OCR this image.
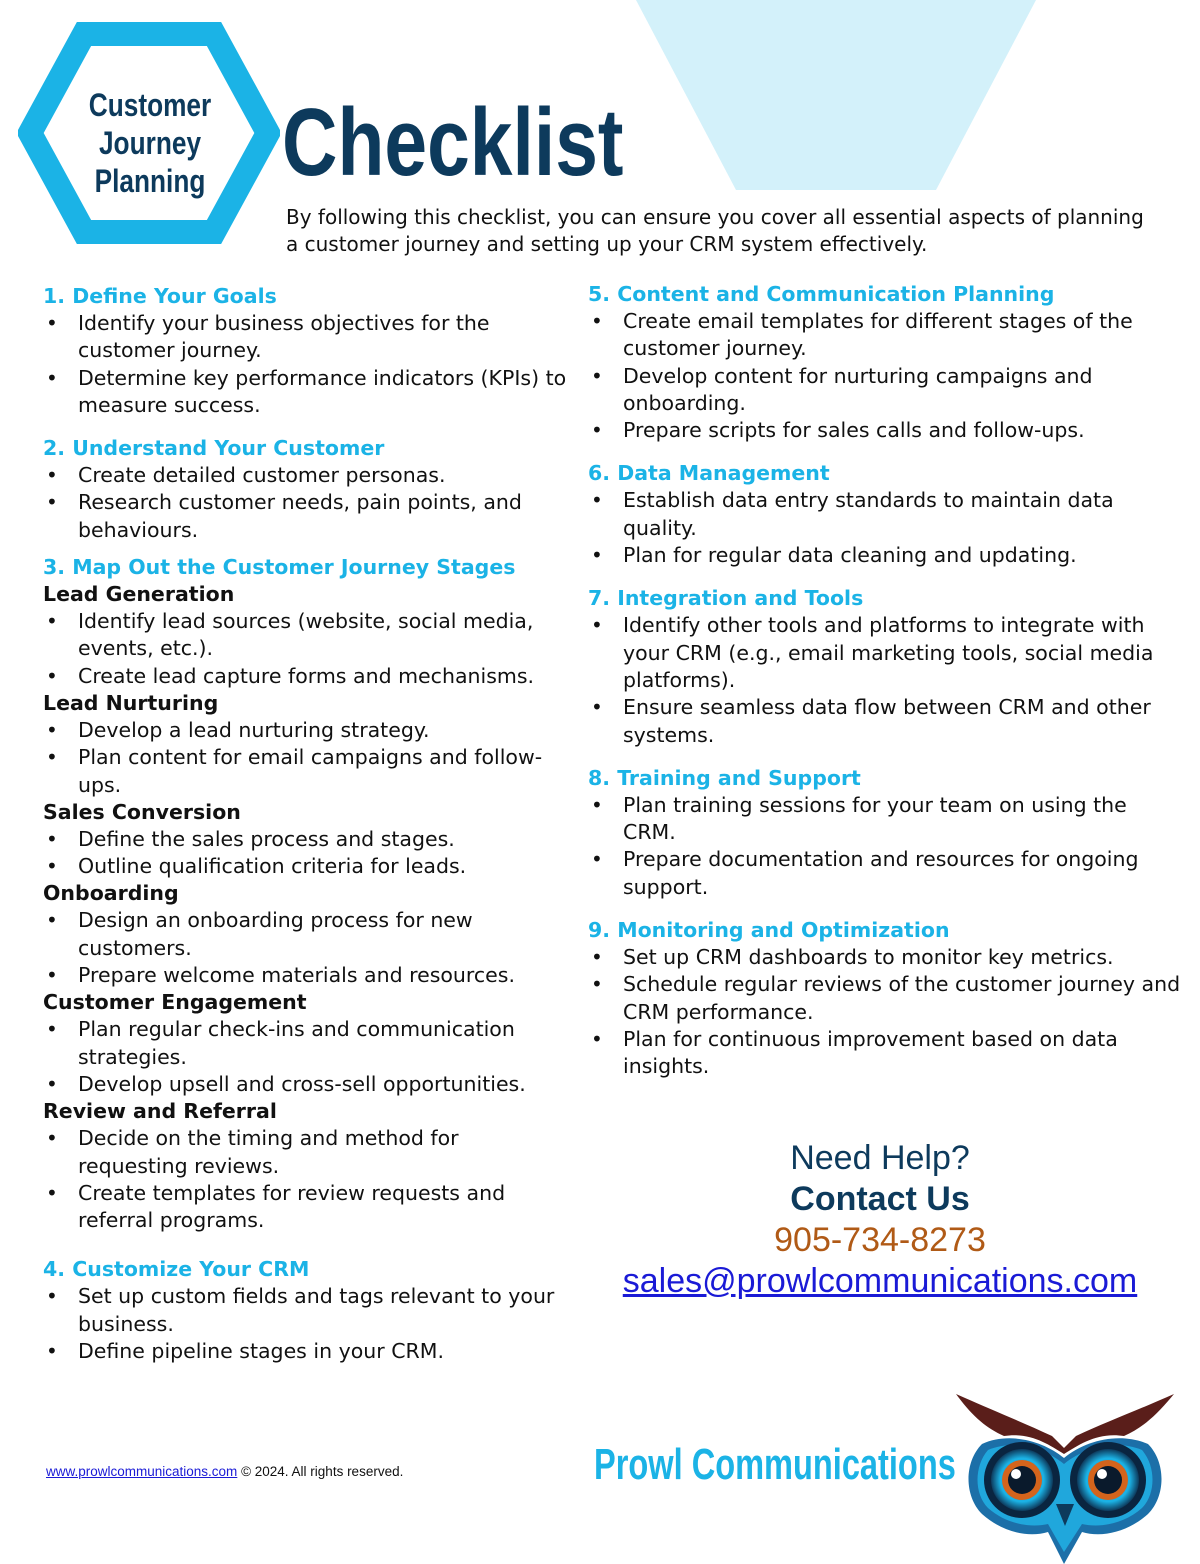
Customer
Journey
Planning Checklist
By following this checklist, you can ensure you cover all essential aspects of planning a customer journey and setting up your CRM system effectively.
1. Define Your Goals
• Identify your business objectives for the customer journey.
• Determine key performance indicators (KPIs) to measure success.
2. Understand Your Customer
• Create detailed customer personas.
• Research customer needs, pain points, and behaviours.
3. Map Out the Customer Journey Stages
Lead Generation
• Identify lead sources (website, social media, events, etc.).
• Create lead capture forms and mechanisms.
Lead Nurturing
• Develop a lead nurturing strategy.
• Plan content for email campaigns and follow-ups.
Sales Conversion
• Define the sales process and stages.
• Outline qualification criteria for leads.
Onboarding
• Design an onboarding process for new customers.
• Prepare welcome materials and resources.
Customer Engagement
• Plan regular check-ins and communication strategies.
• Develop upsell and cross-sell opportunities.
Review and Referral
• Decide on the timing and method for requesting reviews.
• Create templates for review requests and referral programs.
4. Customize Your CRM
• Set up custom fields and tags relevant to your business.
• Define pipeline stages in your CRM.
5. Content and Communication Planning
• Create email templates for different stages of the customer journey.
• Develop content for nurturing campaigns and onboarding.
• Prepare scripts for sales calls and follow-ups.
6. Data Management
• Establish data entry standards to maintain data quality.
• Plan for regular data cleaning and updating.
7. Integration and Tools
• Identify other tools and platforms to integrate with your CRM (e.g., email marketing tools, social media platforms).
• Ensure seamless data flow between CRM and other systems.
8. Training and Support
• Plan training sessions for your team on using the CRM.
• Prepare documentation and resources for ongoing support.
9. Monitoring and Optimization
• Set up CRM dashboards to monitor key metrics.
• Schedule regular reviews of the customer journey and CRM performance.
• Plan for continuous improvement based on data insights.
Need Help?
Contact Us
905-734-8273
sales@prowlcommunications.com
www.prowlcommunications.com © 2024. All rights reserved.	Prowl Communications
